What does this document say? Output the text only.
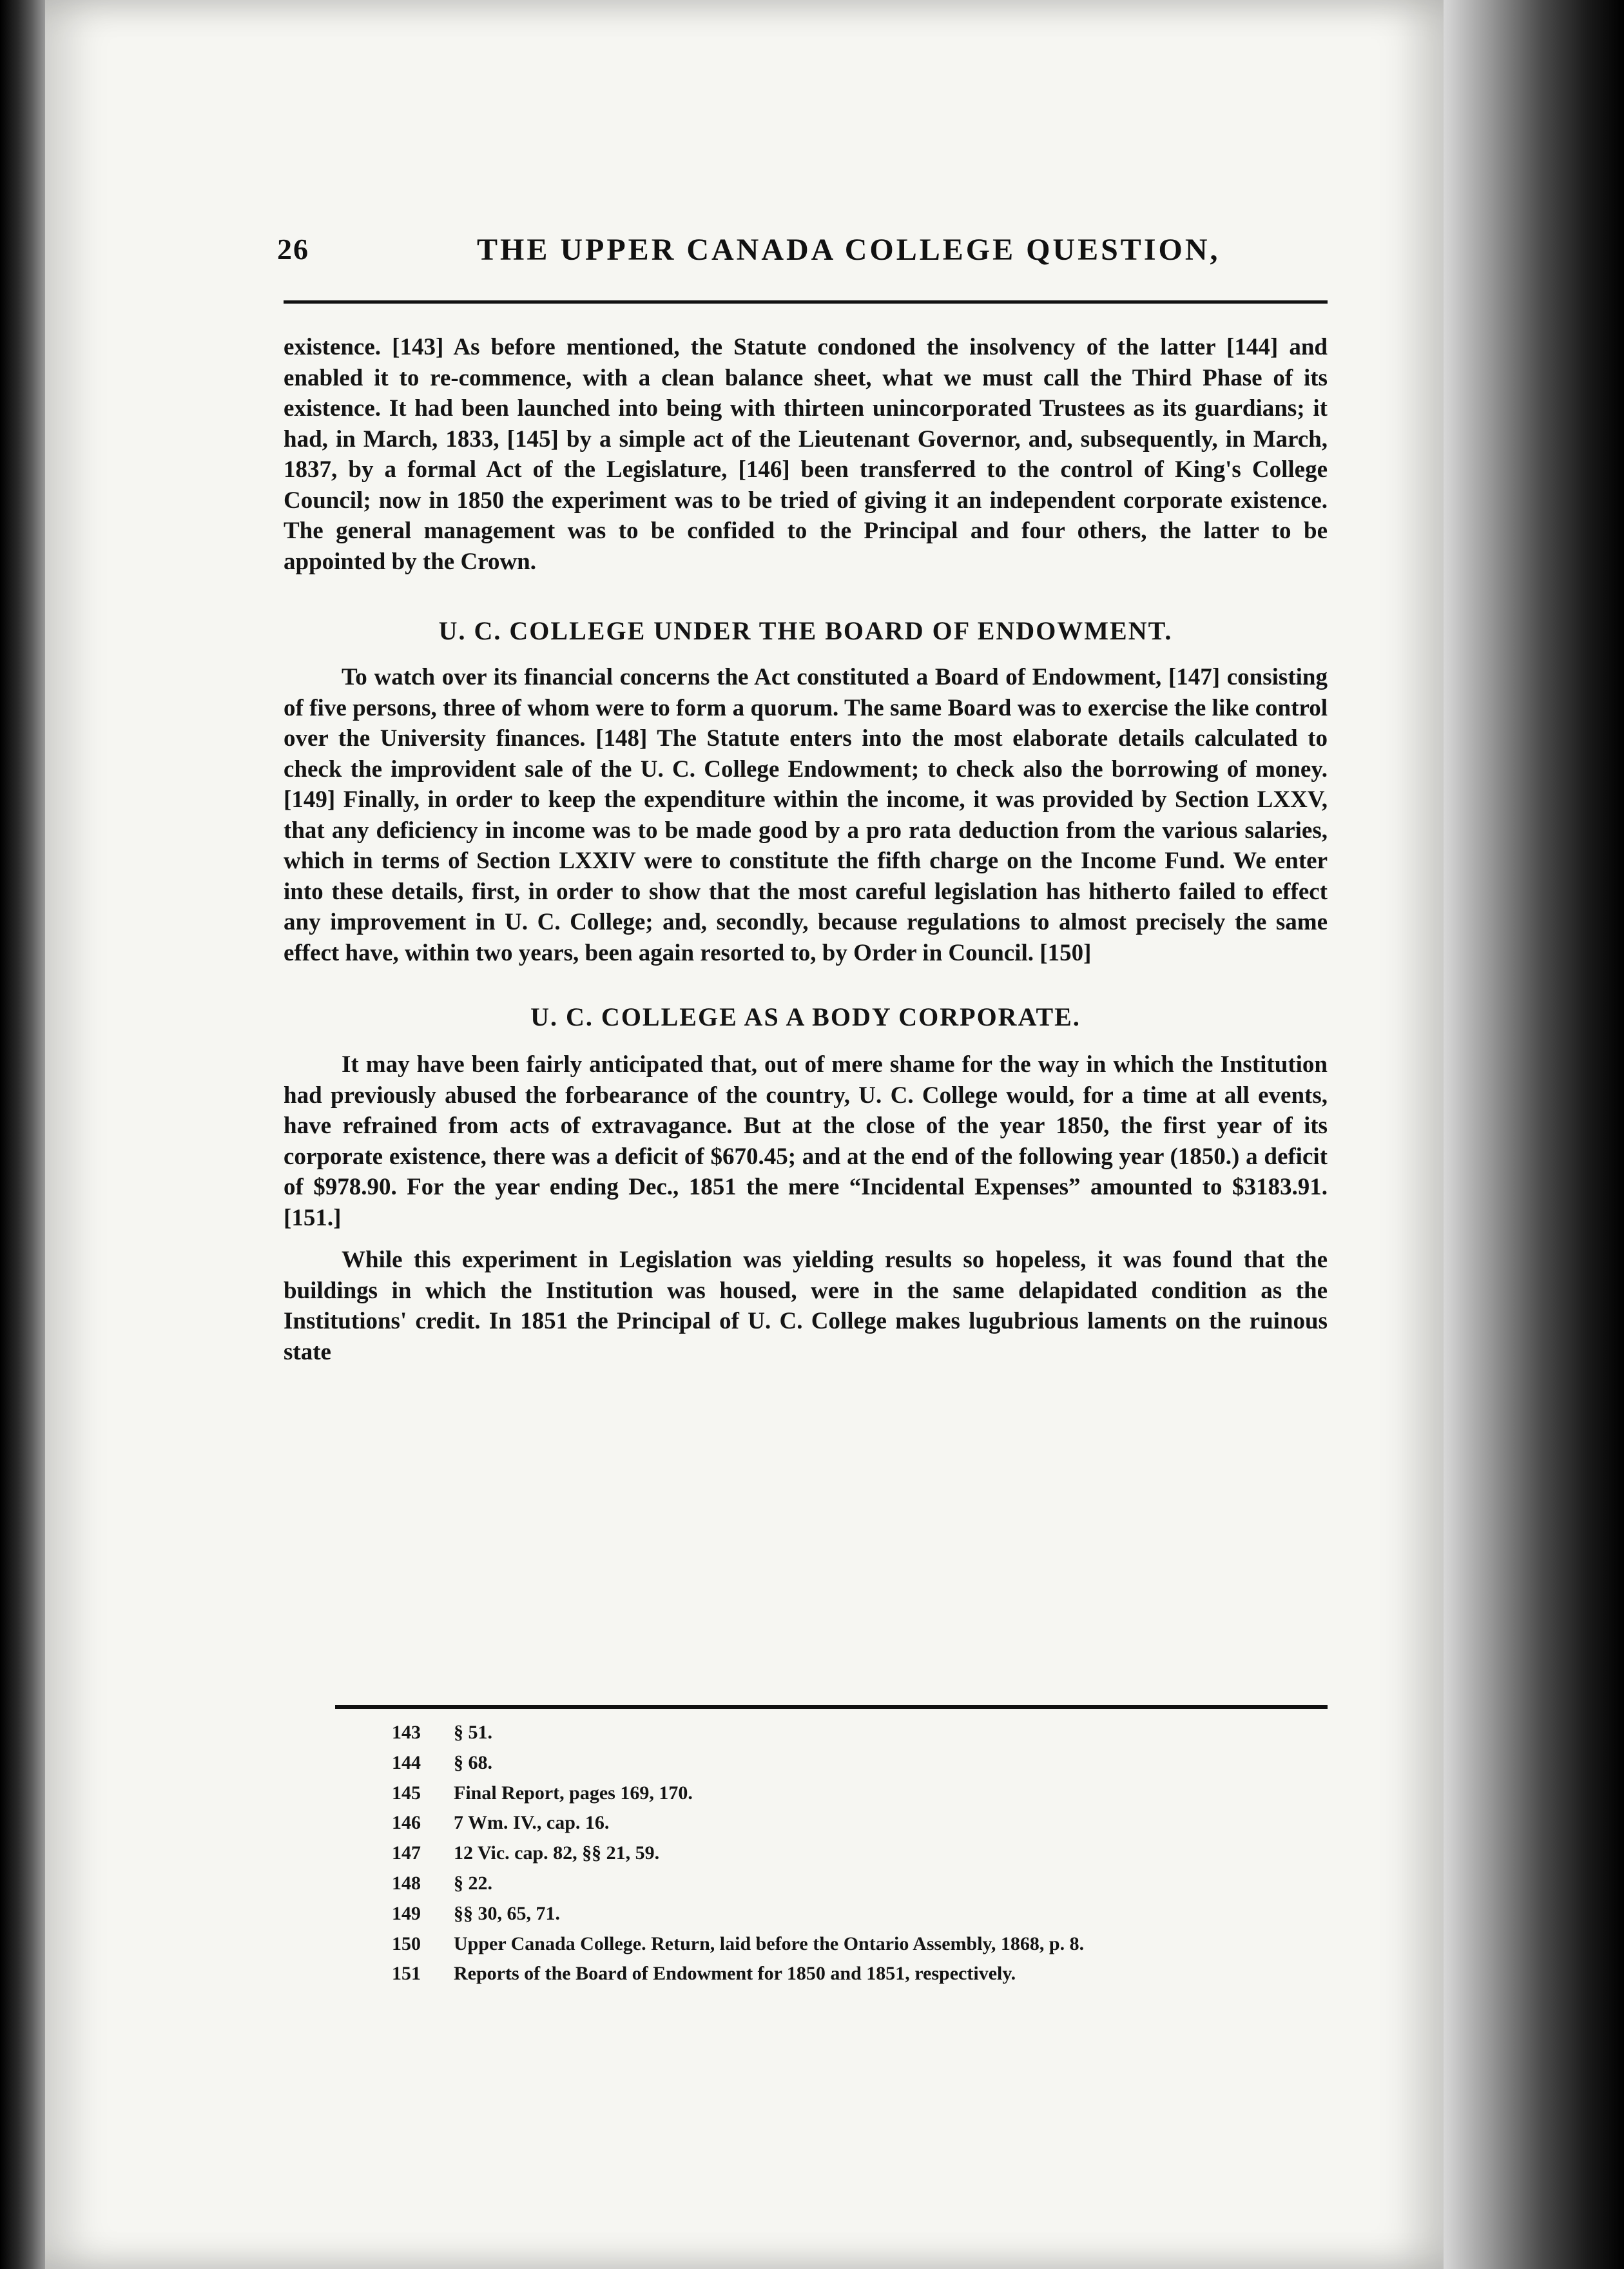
26	THE UPPER CANADA COLLEGE QUESTION,

existence. [143] As before mentioned, the Statute condoned the insolvency of the latter [144] and enabled it to re-commence, with a clean balance sheet, what we must call the Third Phase of its existence. It had been launched into being with thirteen unincorporated Trustees as its guardians; it had, in March, 1833, [145] by a simple act of the Lieutenant Governor, and, subsequently, in March, 1837, by a formal Act of the Legislature, [146] been transferred to the control of King's College Council; now in 1850 the experiment was to be tried of giving it an independent corporate existence. The general management was to be confided to the Principal and four others, the latter to be appointed by the Crown.

U. C. COLLEGE UNDER THE BOARD OF ENDOWMENT.

To watch over its financial concerns the Act constituted a Board of Endowment, [147] consisting of five persons, three of whom were to form a quorum. The same Board was to exercise the like control over the University finances. [148] The Statute enters into the most elaborate details calculated to check the improvident sale of the U. C. College Endowment; to check also the borrowing of money. [149] Finally, in order to keep the expenditure within the income, it was provided by Section LXXV, that any deficiency in income was to be made good by a pro rata deduction from the various salaries, which in terms of Section LXXIV were to constitute the fifth charge on the Income Fund. We enter into these details, first, in order to show that the most careful legislation has hitherto failed to effect any improvement in U. C. College; and, secondly, because regulations to almost precisely the same effect have, within two years, been again resorted to, by Order in Council. [150]

U. C. COLLEGE AS A BODY CORPORATE.

It may have been fairly anticipated that, out of mere shame for the way in which the Institution had previously abused the forbearance of the country, U. C. College would, for a time at all events, have refrained from acts of extravagance. But at the close of the year 1850, the first year of its corporate existence, there was a deficit of $670.45; and at the end of the following year (1850.) a deficit of $978.90. For the year ending Dec., 1851 the mere “Incidental Expenses” amounted to $3183.91. [151.]

While this experiment in Legislation was yielding results so hopeless, it was found that the buildings in which the Institution was housed, were in the same delapidated condition as the Institutions' credit. In 1851 the Principal of U. C. College makes lugubrious laments on the ruinous state

143 § 51.
144 § 68.
145 Final Report, pages 169, 170.
146 7 Wm. IV., cap. 16.
147 12 Vic. cap. 82, §§ 21, 59.
148 § 22.
149 §§ 30, 65, 71.
150 Upper Canada College. Return, laid before the Ontario Assembly, 1868, p. 8.
151 Reports of the Board of Endowment for 1850 and 1851, respectively.
